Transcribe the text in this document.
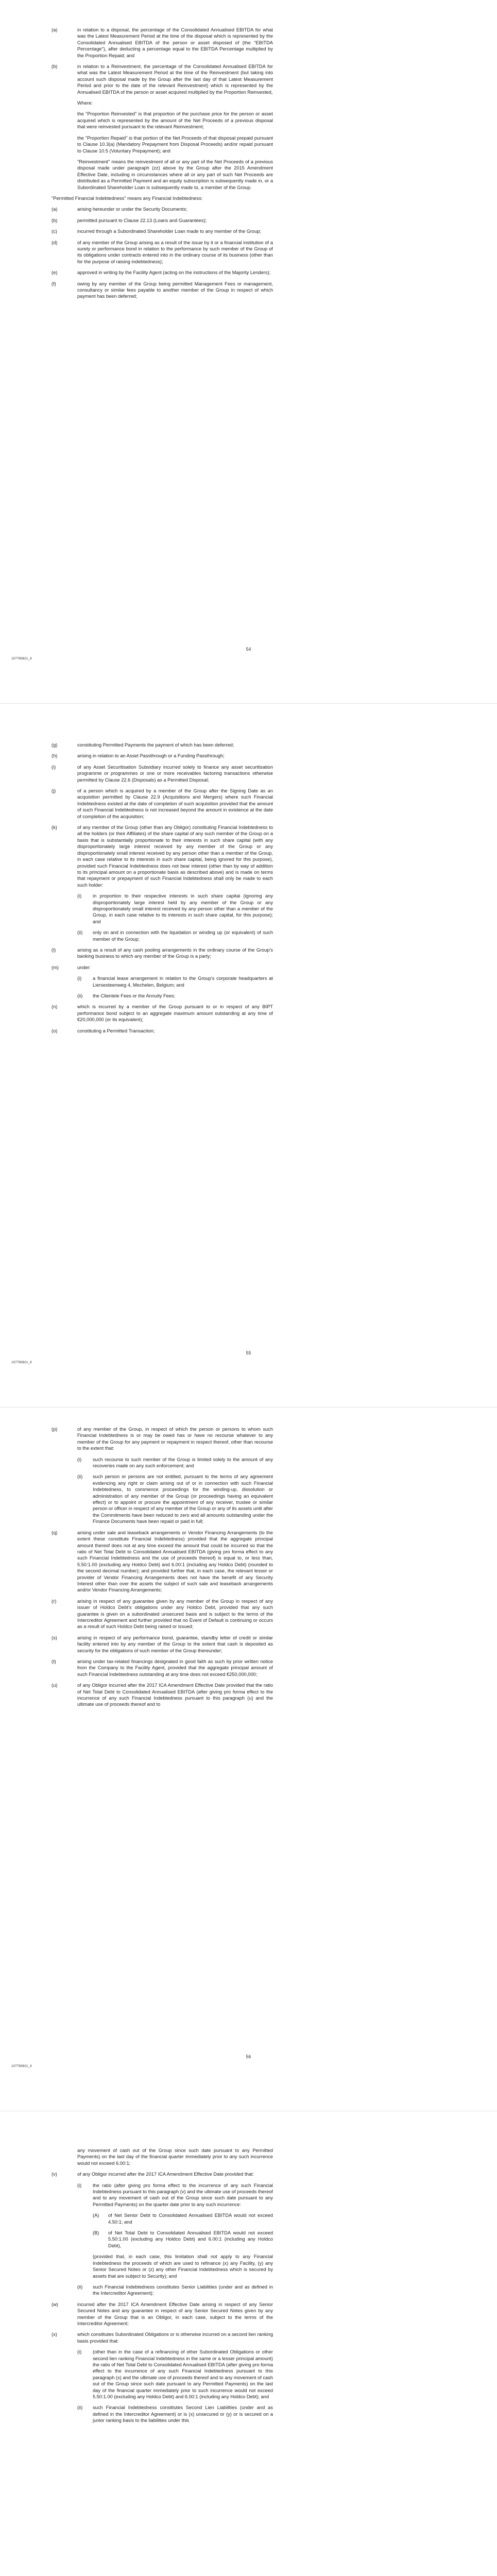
(a)	in relation to a disposal, the percentage of the Consolidated Annualised EBITDA for what was the Latest Measurement Period at the time of the disposal which is represented by the Consolidated Annualised EBITDA of the person or asset disposed of (the "EBITDA Percentage"), after deducting a percentage equal to the EBITDA Percentage multiplied by the Proportion Repaid; and
(b)	in relation to a Reinvestment, the percentage of the Consolidated Annualised EBITDA for what was the Latest Measurement Period at the time of the Reinvestment (but taking into account such disposal made by the Group after the last day of that Latest Measurement Period and prior to the date of the relevant Reinvestment) which is represented by the Annualised EBITDA of the person or asset acquired multiplied by the Proportion Reinvested,
Where:
the "Proportion Reinvested" is that proportion of the purchase price for the person or asset acquired which is represented by the amount of the Net Proceeds of a previous disposal that were reinvested pursuant to the relevant Reinvestment;
the "Proportion Repaid" is that portion of the Net Proceeds of that disposal prepaid pursuant to Clause 10.3(a) (Mandatory Prepayment from Disposal Proceeds) and/or repaid pursuant to Clause 10.5 (Voluntary Prepayment); and
"Reinvestment" means the reinvestment of all or any part of the Net Proceeds of a previous disposal made under paragraph (zz) above by the Group after the 2015 Amendment Effective Date, including in circumstances where all or any part of such Net Proceeds are distributed as a Permitted Payment and an equity subscription is subsequently made in, or a Subordinated Shareholder Loan is subsequently made to, a member of the Group.
"Permitted Financial Indebtedness" means any Financial Indebtedness:
(a)	arising hereunder or under the Security Documents;
(b)	permitted pursuant to Clause 22.13 (Loans and Guarantees);
(c)	incurred through a Subordinated Shareholder Loan made to any member of the Group;
(d)	of any member of the Group arising as a result of the issue by it or a financial institution of a surety or performance bond in relation to the performance by such member of the Group of its obligations under contracts entered into in the ordinary course of its business (other than for the purpose of raising indebtedness);
(e)	approved in writing by the Facility Agent (acting on the instructions of the Majority Lenders);
(f)	owing by any member of the Group being permitted Management Fees or management, consultancy or similar fees payable to another member of the Group in respect of which payment has been deferred;
54
107765821_6
(g)	constituting Permitted Payments the payment of which has been deferred;
(h)	arising in relation to an Asset Passthrough or a Funding Passthrough;
(i)	of any Asset Securitisation Subsidiary incurred solely to finance any asset securitisation programme or programmes or one or more receivables factoring transactions otherwise permitted by Clause 22.6 (Disposals) as a Permitted Disposal;
(j)	of a person which is acquired by a member of the Group after the Signing Date as an acquisition permitted by Clause 22.9 (Acquisitions and Mergers) where such Financial Indebtedness existed at the date of completion of such acquisition provided that the amount of such Financial Indebtedness is not increased beyond the amount in existence at the date of completion of the acquisition;
(k)	of any member of the Group (other than any Obligor) constituting Financial Indebtedness to all the holders (or their Affiliates) of the share capital of any such member of the Group on a basis that is substantially proportionate to their interests in such share capital (with any disproportionately large interest received by any member of the Group or any disproportionately small interest received by any person other than a member of the Group, in each case relative to its interests in such share capital, being ignored for this purpose), provided such Financial Indebtedness does not bear interest (other than by way of addition to its principal amount on a proportionate basis as described above) and is made on terms that repayment or prepayment of such Financial Indebtedness shall only be made to each such holder:
(i) in proportion to their respective interests in such share capital (ignoring any disproportionately large interest held by any member of the Group or any disproportionately small interest received by any person other than a member of the Group, in each case relative to its interests in such share capital, for this purpose); and
(ii) only on and in connection with the liquidation or winding up (or equivalent) of such member of the Group;
(l)	arising as a result of any cash pooling arrangements in the ordinary course of the Group's banking business to which any member of the Group is a party;
(m)	under:
(i) a financial lease arrangement in relation to the Group's corporate headquarters at Liersesteenweg 4, Mechelen, Belgium; and
(ii) the Clientele Fees or the Annuity Fees;
(n)	which is incurred by a member of the Group pursuant to or in respect of any BIPT performance bond subject to an aggregate maximum amount outstanding at any time of €20,000,000 (or its equivalent);
(o)	constituting a Permitted Transaction;
55
107765821_6
(p)	of any member of the Group, in respect of which the person or persons to whom such Financial Indebtedness is or may be owed has or have no recourse whatever to any member of the Group for any payment or repayment in respect thereof, other than recourse to the extent that:
(i) such recourse to such member of the Group is limited solely to the amount of any recoveries made on any such enforcement; and
(ii) such person or persons are not entitled, pursuant to the terms of any agreement evidencing any right or claim arising out of or in connection with such Financial Indebtedness, to commence proceedings for the winding-up, dissolution or administration of any member of the Group (or proceedings having an equivalent effect) or to appoint or procure the appointment of any receiver, trustee or similar person or officer in respect of any member of the Group or any of its assets until after the Commitments have been reduced to zero and all amounts outstanding under the Finance Documents have been repaid or paid in full;
(q)	arising under sale and leaseback arrangements or Vendor Financing Arrangements (to the extent these constitute Financial Indebtedness) provided that the aggregate principal amount thereof does not at any time exceed the amount that could be incurred so that the ratio of Net Total Debt to Consolidated Annualised EBITDA (giving pro forma effect to any such Financial Indebtedness and the use of proceeds thereof) is equal to, or less than, 5.50:1.00 (excluding any Holdco Debt) and 6.00:1 (including any Holdco Debt) (rounded to the second decimal number); and provided further that, in each case, the relevant lessor or provider of Vendor Financing Arrangements does not have the benefit of any Security Interest other than over the assets the subject of such sale and leaseback arrangements and/or Vendor Financing Arrangements;
(r)	arising in respect of any guarantee given by any member of the Group in respect of any issuer of Holdco Debt's obligations under any Holdco Debt, provided that any such guarantee is given on a subordinated unsecured basis and is subject to the terms of the Intercreditor Agreement and further provided that no Event of Default is continuing or occurs as a result of such Holdco Debt being raised or issued;
(s)	arising in respect of any performance bond, guarantee, standby letter of credit or similar facility entered into by any member of the Group to the extent that cash is deposited as security for the obligations of such member of the Group thereunder;
(t)	arising under tax-related financings designated in good faith as such by prior written notice from the Company to the Facility Agent, provided that the aggregate principal amount of such Financial Indebtedness outstanding at any time does not exceed €250,000,000;
(u)	of any Obligor incurred after the 2017 ICA Amendment Effective Date provided that the ratio of Net Total Debt to Consolidated Annualised EBITDA (after giving pro forma effect to the incurrence of any such Financial Indebtedness pursuant to this paragraph (u) and the ultimate use of proceeds thereof and to
56
107765821_6
any movement of cash out of the Group since such date pursuant to any Permitted Payments) on the last day of the financial quarter immediately prior to any such incurrence would not exceed 6.00:1;
(v)	of any Obligor incurred after the 2017 ICA Amendment Effective Date provided that:
(i) the ratio (after giving pro forma effect to the incurrence of any such Financial Indebtedness pursuant to this paragraph (v) and the ultimate use of proceeds thereof and to any movement of cash out of the Group since such date pursuant to any Permitted Payments) on the quarter date prior to any such incurrence:
(A) of Net Senior Debt to Consolidated Annualised EBITDA would not exceed 4.50:1; and
(B) of Net Total Debt to Consolidated Annualised EBITDA would not exceed 5.50:1.00 (excluding any Holdco Debt) and 6.00:1 (including any Holdco Debt),
(provided that, in each case, this limitation shall not apply to any Financial Indebtedness the proceeds of which are used to refinance (x) any Facility, (y) any Senior Secured Notes or (z) any other Financial Indebtedness which is secured by assets that are subject to Security); and
(ii) such Financial Indebtedness constitutes Senior Liabilities (under and as defined in the Intercreditor Agreement);
(w)	incurred after the 2017 ICA Amendment Effective Date arising in respect of any Senior Secured Notes and any guarantee in respect of any Senior Secured Notes given by any member of the Group that is an Obligor, in each case, subject to the terms of the Intercreditor Agreement;
(x)	which constitutes Subordinated Obligations or is otherwise incurred on a second lien ranking basis provided that:
(i) (other than in the case of a refinancing of other Subordinated Obligations or other second lien ranking Financial Indebtedness in the same or a lesser principal amount) the ratio of Net Total Debt to Consolidated Annualised EBITDA (after giving pro forma effect to the incurrence of any such Financial Indebtedness pursuant to this paragraph (x) and the ultimate use of proceeds thereof and to any movement of cash out of the Group since such date pursuant to any Permitted Payments) on the last day of the financial quarter immediately prior to such incurrence would not exceed 5.50:1.00 (excluding any Holdco Debt) and 6.00:1 (including any Holdco Debt); and
(ii) such Financial Indebtedness constitutes Second Lien Liabilities (under and as defined in the Intercreditor Agreement) or is (x) unsecured or (y) or is secured on a junior ranking basis to the liabilities under this
